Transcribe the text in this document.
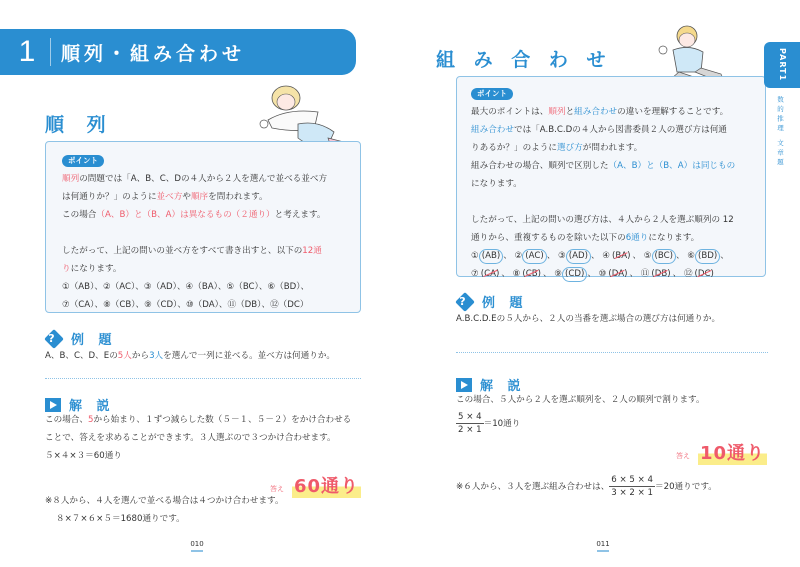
1	順列・組み合わせ
順 列
ポイント
順列の問題では「A、B、C、Dの４人から２人を選んで並べる並べ方
は何通りか？」のように並べ方や順序を問われます。
この場合（A、B）と（B、A）は異なるもの（２通り）と考えます。
したがって、上記の問いの並べ方をすべて書き出すと、以下の12通
りになります。
①（AB）、②（AC）、③（AD）、④（BA）、⑤（BC）、⑥（BD）、
⑦（CA）、⑧（CB）、⑨（CD）、⑩（DA）、⑪（DB）、⑫（DC）
? 例 題
A、B、C、D、Eの5人から3人を選んで一列に並べる。並べ方は何通りか。
解 説
この場合、5から始まり、１ずつ減らした数（５－１、５－２）をかけ合わせる
ことで、答えを求めることができます。３人選ぶので３つかけ合わせます。
５×４×３＝60通り
答え 60通り
※８人から、４人を選んで並べる場合は４つかけ合わせます。
８×７×６×５＝1680通りです。
010
組 み 合 わ せ
ポイント
最大のポイントは、順列と組み合わせの違いを理解することです。
組み合わせでは「A.B.C.Dの４人から図書委員２人の選び方は何通
りあるか？」のように選び方が問われます。
組み合わせの場合、順列で区別した（A、B）と（B、A）は同じもの
になります。
したがって、上記の問いの選び方は、４人から２人を選ぶ順列の 12
通りから、重複するものを除いた以下の6通りになります。
① (AB) 、 ② (AC) 、 ③ (AD) 、 ④ (BA) 、 ⑤ (BC) 、 ⑥ (BD) 、
⑦ (CA) 、 ⑧ (CB) 、 ⑨ (CD) 、 ⑩ (DA) 、 ⑪ (DB) 、 ⑫ (DC)
? 例 題
A.B.C.D.Eの５人から、２人の当番を選ぶ場合の選び方は何通りか。
解 説
この場合、５人から２人を選ぶ順列を、２人の順列で割ります。
$\frac{5 \times 4}{2 \times 1} =10$通り
答え 10通り
※６人から、３人を選ぶ組み合わせは、 $\frac{6 \times 5 \times 4}{3 \times 2 \times 1} =20$通りです。
011
PART1
数的推理 文章題
